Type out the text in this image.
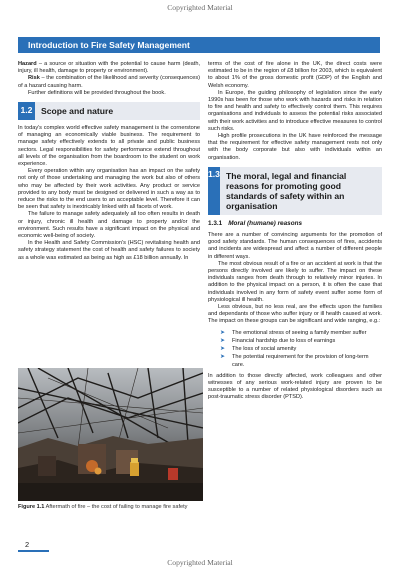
Copyrighted Material
Introduction to Fire Safety Management

Hazard – a source or situation with the potential to cause harm (death, injury, ill health, damage to property or environment).

Risk – the combination of the likelihood and severity (consequences) of a hazard causing harm.

Further definitions will be provided throughout the book.

1.2 Scope and nature

In today's complex world effective safety management is the cornerstone of managing an economically viable business. The requirement to manage safety effectively extends to all private and public business sectors. Legal responsibilities for safety performance extend throughout all levels of the organisation from the boardroom to the student on work experience.

Every operation within any organisation has an impact on the safety not only of those undertaking and managing the work but also of others who may be affected by their work activities. Any product or service provided to any body must be designed or delivered in such a way as to reduce the risks to the end users to an acceptable level. Therefore it can be seen that safety is inextricably linked with all facets of work.

The failure to manage safety adequately all too often results in death or injury, chronic ill health and damage to property and/or the environment. Such results have a significant impact on the physical and economic well-being of society.

In the Health and Safety Commission's (HSC) revitalising health and safety strategy statement the cost of health and safety failures to society as a whole was estimated as being as high as £18 billion annually. In

Figure 1.1 Aftermath of fire – the cost of failing to manage fire safety

terms of the cost of fire alone in the UK, the direct costs were estimated to be in the region of £8 billion for 2003, which is equivalent to about 1% of the gross domestic profit (GDP) of the English and Welsh economy.

In Europe, the guiding philosophy of legislation since the early 1990s has been for those who work with hazards and risks in relation to fire and health and safety to effectively control them. This requires organisations and individuals to assess the potential risks associated with their work activities and to introduce effective measures to control such risks.

High profile prosecutions in the UK have reinforced the message that the requirement for effective safety management rests not only with the body corporate but also with individuals within an organisation.

1.3 The moral, legal and financial reasons for promoting good standards of safety within an organisation
1.3.1 Moral (humane) reasons

There are a number of convincing arguments for the promotion of good safety standards. The human consequences of fires, accidents and incidents are widespread and affect a number of different people in different ways.

The most obvious result of a fire or an accident at work is that the persons directly involved are likely to suffer. The impact on these individuals ranges from death through to relatively minor injuries. In addition to the physical impact on a person, it is often the case that individuals involved in any form of safety event suffer some form of physiological ill health.

Less obvious, but no less real, are the effects upon the families and dependants of those who suffer injury or ill health caused at work. The impact on these groups can be significant and wide ranging, e.g.:

➤ The emotional stress of seeing a family member suffer
➤ Financial hardship due to loss of earnings
➤ The loss of social amenity
➤ The potential requirement for the provision of long-term care.

In addition to those directly affected, work colleagues and other witnesses of any serious work-related injury are proven to be susceptible to a number of related physiological disorders such as post-traumatic stress disorder (PTSD).

2
Copyrighted Material
